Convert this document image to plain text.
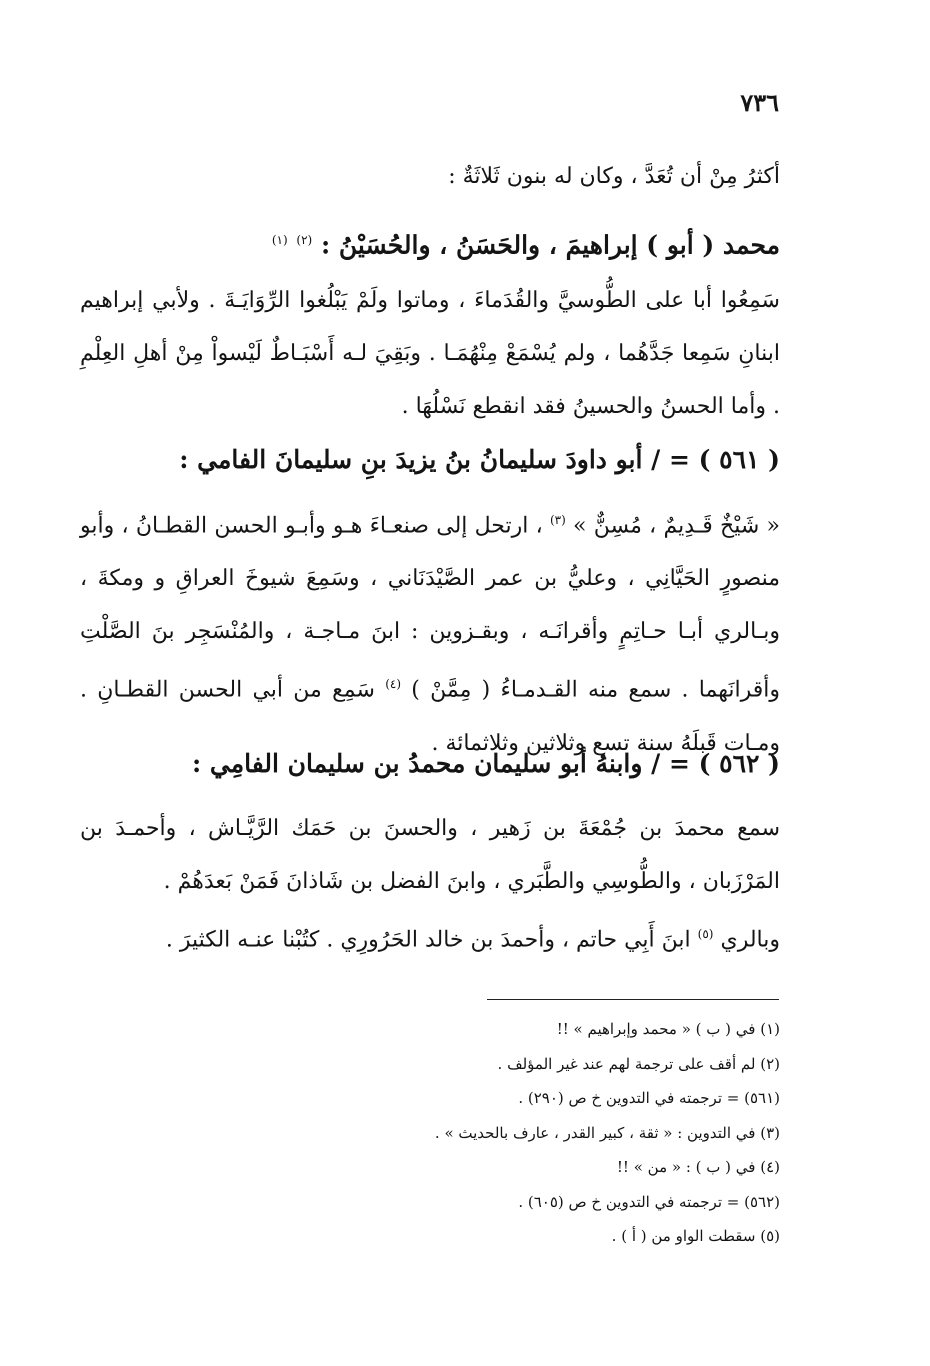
٧٣٦

أكثرُ مِنْ أن تُعَدَّ ، وكان له بنون ثَلاثَةٌ :

محمد ( أبو ) إبراهيمَ ، والحَسَنُ ، والحُسَيْنُ : $^{(٢)}$ $^{(١)}$

سَمِعُوا أبا على الطُّوسيَّ والقُدَماءَ ، وماتوا ولَمْ يَبْلُغوا الرِّوَايَـةَ . ولأبي إبراهيم ابنانِ سَمِعا جَدَّهُما ، ولم يُسْمَعْ مِنْهُمَـا . وبَقِيَ لـه أَسْبَـاطٌ لَيْسواْ مِنْ أهلِ العِلْمِ . وأما الحسنُ والحسينُ فقد انقطع نَسْلُهَا .

( ٥٦١ ) = / أبو داودَ سليمانُ بنُ يزيدَ بنِ سليمانَ الفامي :

« شَيْخٌ قَـدِيمٌ ، مُسِنٌّ » $^{(٣)}$ ، ارتحل إلى صنعـاءَ هـو وأبـو الحسن القطـانُ ، وأبو منصورٍ الحَيَّانِي ، وعليُّ بن عمر الصَّيْدَنَاني ، وسَمِعَ شيوخَ العراقِ و ومكةَ ، وبـالري أبـا حـاتِمٍ وأقرانَـه ، وبقـزوين : ابنَ مـاجـة ، والمُنْسَجِر بنَ الصَّلْتِ وأقرانَهما . سمع منه القـدمـاءُ ( مِمَّنْ ) $^{(٤)}$ سَمِع من أبي الحسن القطـانِ . ومـات قَبلَهُ سنة تسع وثلاثين وثلاثمائة .

( ٥٦٢ ) = / وابنهُ أبو سليمان محمدُ بن سليمان الفامِي :

سمع محمدَ بن جُمْعَةَ بن زَهير ، والحسنَ بن حَمَك الرَّيَّـاش ، وأحمـدَ بن المَرْزَبان ، والطُّوسِي والطَّبَري ، وابنَ الفضل بن شَاذانَ فَمَنْ بَعدَهُمْ .

وبالري $^{(٥)}$ ابنَ أَبِي حاتم ، وأحمدَ بن خالد الحَرُورِي . كتُبْنا عنـه الكثيرَ .

(١) في ( ب ) « محمد وإبراهيم » !!
(٢) لم أقف على ترجمة لهم عند غير المؤلف .
(٥٦١) = ترجمته في التدوين خ ص (٢٩٠) .
(٣) في التدوين : « ثقة ، كبير القدر ، عارف بالحديث » .
(٤) في ( ب ) : « من » !!
(٥٦٢) = ترجمته في التدوين خ ص (٦٠٥) .
(٥) سقطت الواو من ( أ ) .
